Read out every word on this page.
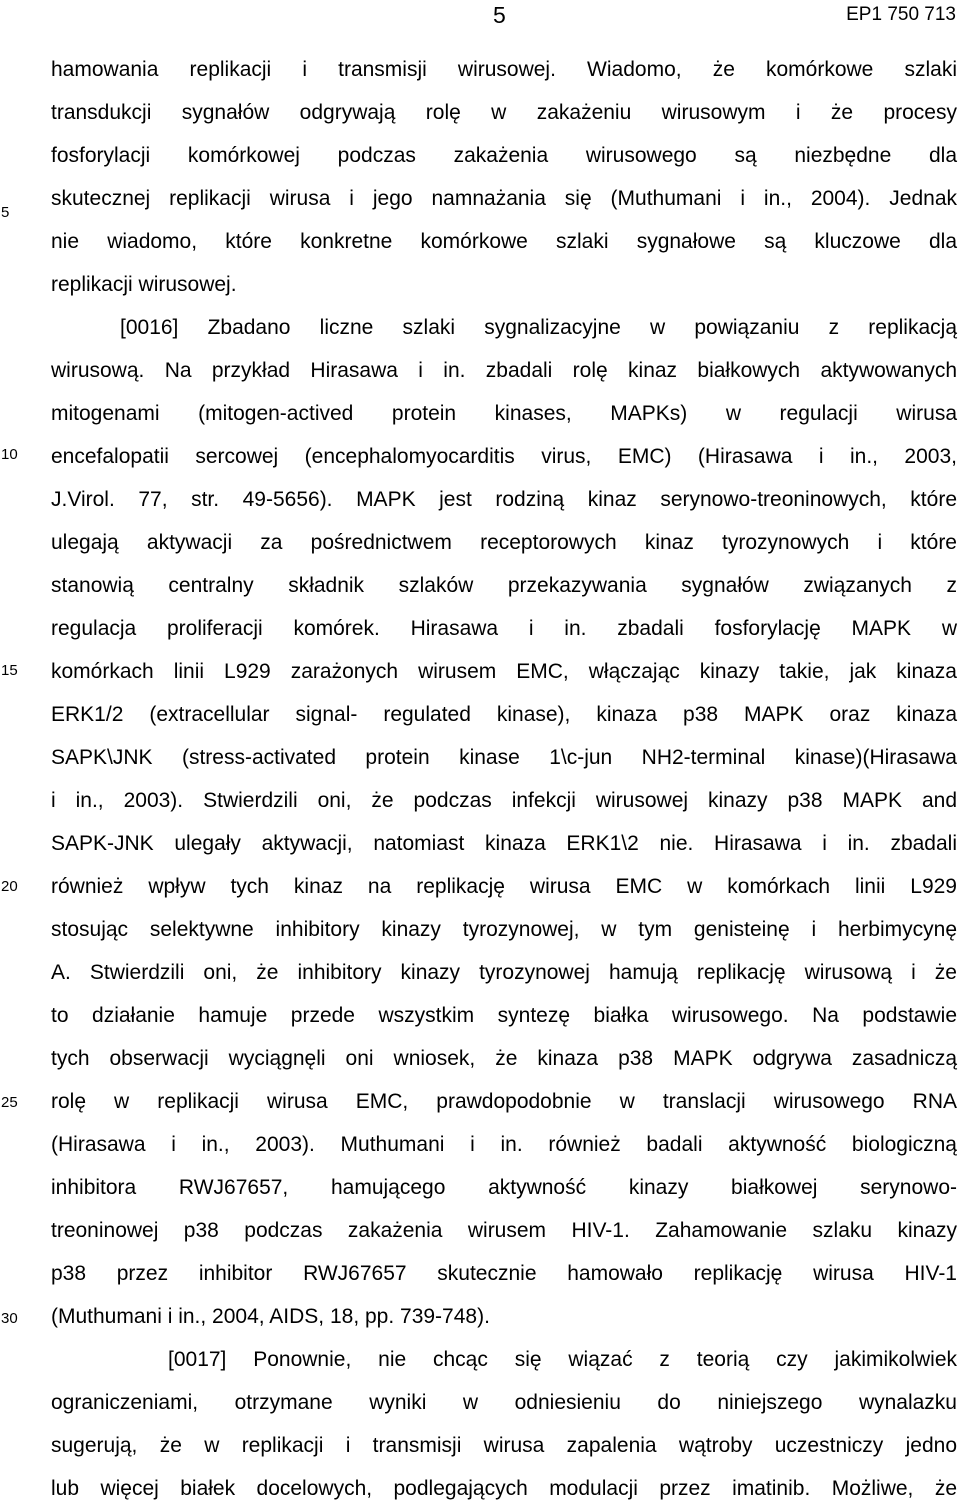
5	EP1 750 713
5
10
15
20
25
30
hamowania replikacji i transmisji wirusowej. Wiadomo, że komórkowe szlaki
transdukcji sygnałów odgrywają rolę w zakażeniu wirusowym i że procesy
fosforylacji komórkowej podczas zakażenia wirusowego są niezbędne dla
skutecznej replikacji wirusa i jego namnażania się (Muthumani i in., 2004). Jednak
nie wiadomo, które konkretne komórkowe szlaki sygnałowe są kluczowe dla
replikacji wirusowej.
[0016] Zbadano liczne szlaki sygnalizacyjne w powiązaniu z replikacją
wirusową. Na przykład Hirasawa i in. zbadali rolę kinaz białkowych aktywowanych
mitogenami (mitogen-actived protein kinases, MAPKs) w regulacji wirusa
encefalopatii sercowej (encephalomyocarditis virus, EMC) (Hirasawa i in., 2003,
J.Virol. 77, str. 49-5656). MAPK jest rodziną kinaz serynowo-treoninowych, które
ulegają aktywacji za pośrednictwem receptorowych kinaz tyrozynowych i które
stanowią centralny składnik szlaków przekazywania sygnałów związanych z
regulacja proliferacji komórek. Hirasawa i in. zbadali fosforylację MAPK w
komórkach linii L929 zarażonych wirusem EMC, włączając kinazy takie, jak kinaza
ERK1/2 (extracellular signal- regulated kinase), kinaza p38 MAPK oraz kinaza
SAPK\JNK (stress-activated protein kinase 1\c-jun NH2-terminal kinase)(Hirasawa
i in., 2003). Stwierdzili oni, że podczas infekcji wirusowej kinazy p38 MAPK and
SAPK-JNK ulegały aktywacji, natomiast kinaza ERK1\2 nie. Hirasawa i in. zbadali
również wpływ tych kinaz na replikację wirusa EMC w komórkach linii L929
stosując selektywne inhibitory kinazy tyrozynowej, w tym genisteinę i herbimycynę
A. Stwierdzili oni, że inhibitory kinazy tyrozynowej hamują replikację wirusową i że
to działanie hamuje przede wszystkim syntezę białka wirusowego. Na podstawie
tych obserwacji wyciągnęli oni wniosek, że kinaza p38 MAPK odgrywa zasadniczą
rolę w replikacji wirusa EMC, prawdopodobnie w translacji wirusowego RNA
(Hirasawa i in., 2003). Muthumani i in. również badali aktywność biologiczną
inhibitora RWJ67657, hamującego aktywność kinazy białkowej serynowo-
treoninowej p38 podczas zakażenia wirusem HIV-1. Zahamowanie szlaku kinazy
p38 przez inhibitor RWJ67657 skutecznie hamowało replikację wirusa HIV-1
(Muthumani i in., 2004, AIDS, 18, pp. 739-748).
[0017] Ponownie, nie chcąc się wiązać z teorią czy jakimikolwiek
ograniczeniami, otrzymane wyniki w odniesieniu do niniejszego wynalazku
sugerują, że w replikacji i transmisji wirusa zapalenia wątroby uczestniczy jedno
lub więcej białek docelowych, podlegających modulacji przez imatinib. Możliwe, że
